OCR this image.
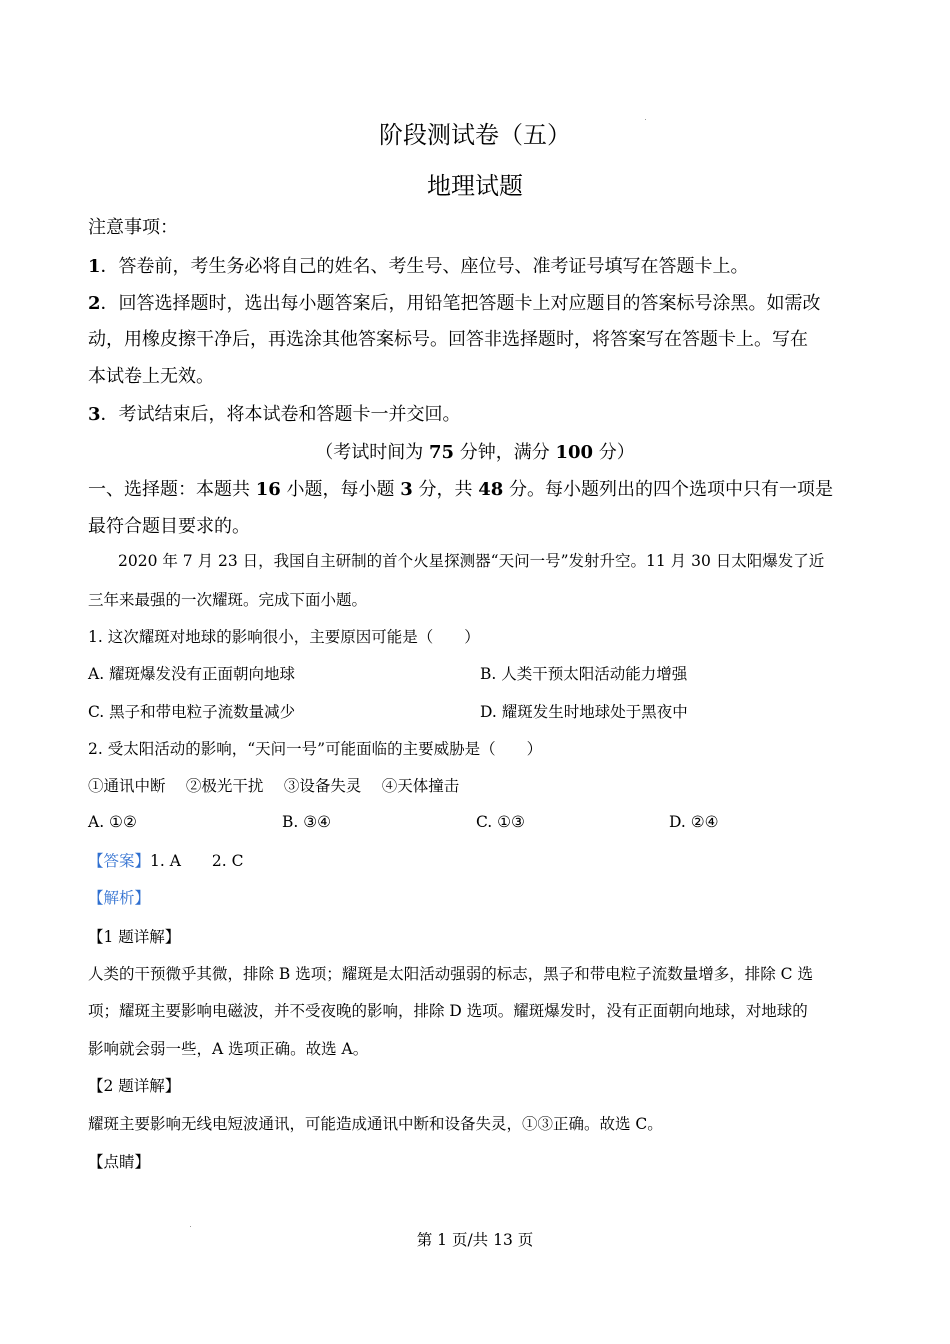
阶段测试卷（五）
地理试题
注意事项：
1．答卷前，考生务必将自己的姓名、考生号、座位号、准考证号填写在答题卡上。
2．回答选择题时，选出每小题答案后，用铅笔把答题卡上对应题目的答案标号涂黑。如需改
动，用橡皮擦干净后，再选涂其他答案标号。回答非选择题时，将答案写在答题卡上。写在
本试卷上无效。
3．考试结束后，将本试卷和答题卡一并交回。
（考试时间为 75 分钟，满分 100 分）
一、选择题：本题共 16 小题，每小题 3 分，共 48 分。每小题列出的四个选项中只有一项是
最符合题目要求的。
2020 年 7 月 23 日，我国自主研制的首个火星探测器“天问一号”发射升空。11 月 30 日太阳爆发了近
三年来最强的一次耀斑。完成下面小题。
1. 这次耀斑对地球的影响很小，主要原因可能是（　　）
A. 耀斑爆发没有正面朝向地球	B. 人类干预太阳活动能力增强
C. 黑子和带电粒子流数量减少	D. 耀斑发生时地球处于黑夜中
2. 受太阳活动的影响，“天问一号”可能面临的主要威胁是（　　）
①通讯中断　 ②极光干扰　 ③设备失灵　 ④天体撞击
A. ①②	B. ③④	C. ①③	D. ②④
【答案】1. A　　2. C
【解析】
【1 题详解】
人类的干预微乎其微，排除 B 选项；耀斑是太阳活动强弱的标志，黑子和带电粒子流数量增多，排除 C 选
项；耀斑主要影响电磁波，并不受夜晚的影响，排除 D 选项。耀斑爆发时，没有正面朝向地球，对地球的
影响就会弱一些，A 选项正确。故选 A。
【2 题详解】
耀斑主要影响无线电短波通讯，可能造成通讯中断和设备失灵，①③正确。故选 C。
【点睛】
第 1 页/共 13 页
